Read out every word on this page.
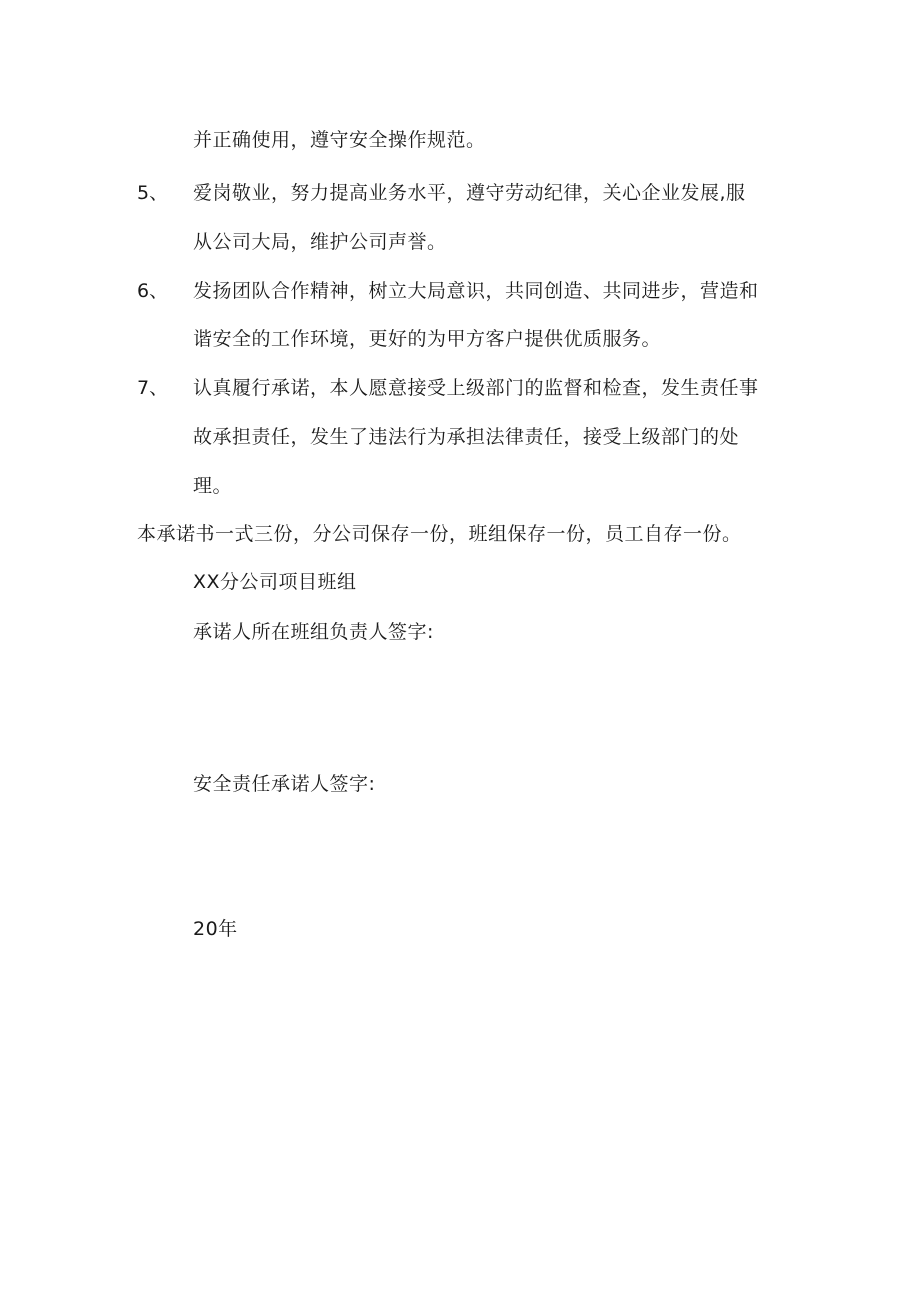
并正确使用，遵守安全操作规范。
5、 爱岗敬业，努力提高业务水平，遵守劳动纪律，关心企业发展,服
从公司大局，维护公司声誉。
6、 发扬团队合作精神，树立大局意识，共同创造、共同进步，营造和
谐安全的工作环境，更好的为甲方客户提供优质服务。
7、 认真履行承诺，本人愿意接受上级部门的监督和检查，发生责任事
故承担责任，发生了违法行为承担法律责任，接受上级部门的处
理。
本承诺书一式三份，分公司保存一份，班组保存一份，员工自存一份。
XX分公司项目班组
承诺人所在班组负责人签字:
安全责任承诺人签字:
20年
